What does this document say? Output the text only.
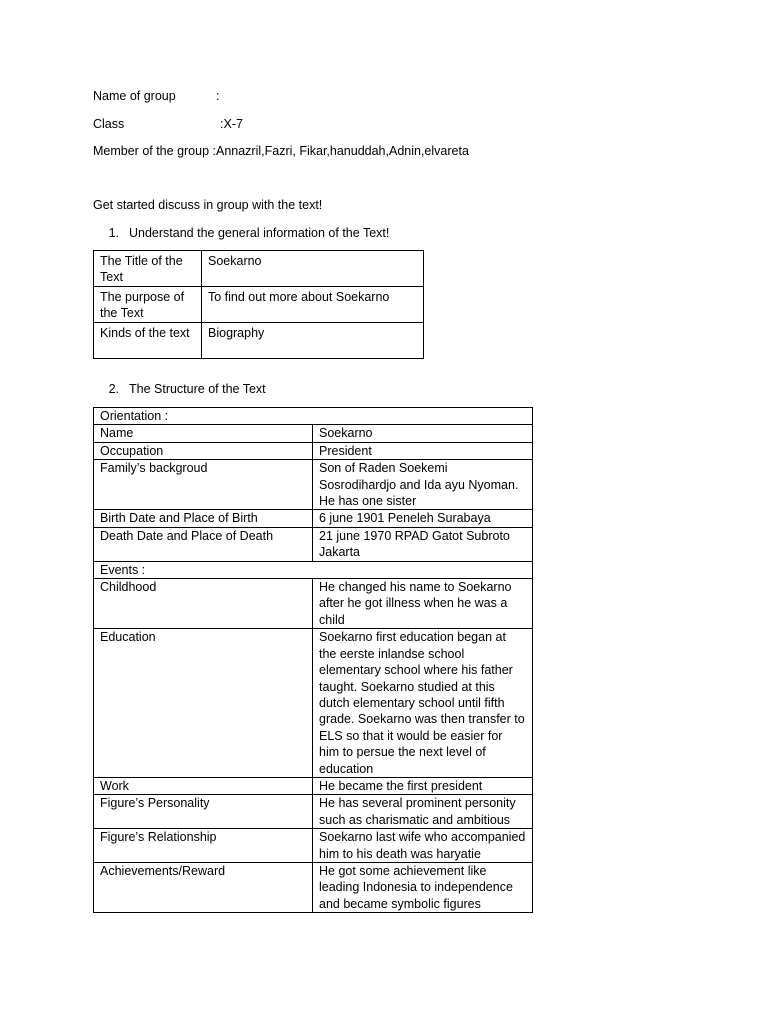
Name of group	:
Class	:X-7
Member of the group :Annazril,Fazri, Fikar,hanuddah,Adnin,elvareta
Get started discuss in group with the text!
1. Understand the general information of the Text!
The Title of the Text	Soekarno
The purpose of the Text	To find out more about Soekarno
Kinds of the text	Biography
2. The Structure of the Text
Orientation :	
Name	Soekarno
Occupation	President
Family’s backgroud	Son of Raden Soekemi Sosrodihardjo and Ida ayu Nyoman. He has one sister
Birth Date and Place of Birth	6 june 1901 Peneleh Surabaya
Death Date and Place of Death	21 june 1970 RPAD Gatot Subroto Jakarta
Events :	
Childhood	He changed his name to Soekarno after he got illness when he was a child
Education	Soekarno first education began at the eerste inlandse school elementary school where his father taught. Soekarno studied at this dutch elementary school until fifth grade. Soekarno was then transfer to ELS so that it would be easier for him to persue the next level of education
Work	He became the first president
Figure’s Personality	He has several prominent personity such as charismatic and ambitious
Figure’s Relationship	Soekarno last wife who accompanied him to his death was haryatie
Achievements/Reward	He got some achievement like leading Indonesia to independence and became symbolic figures
